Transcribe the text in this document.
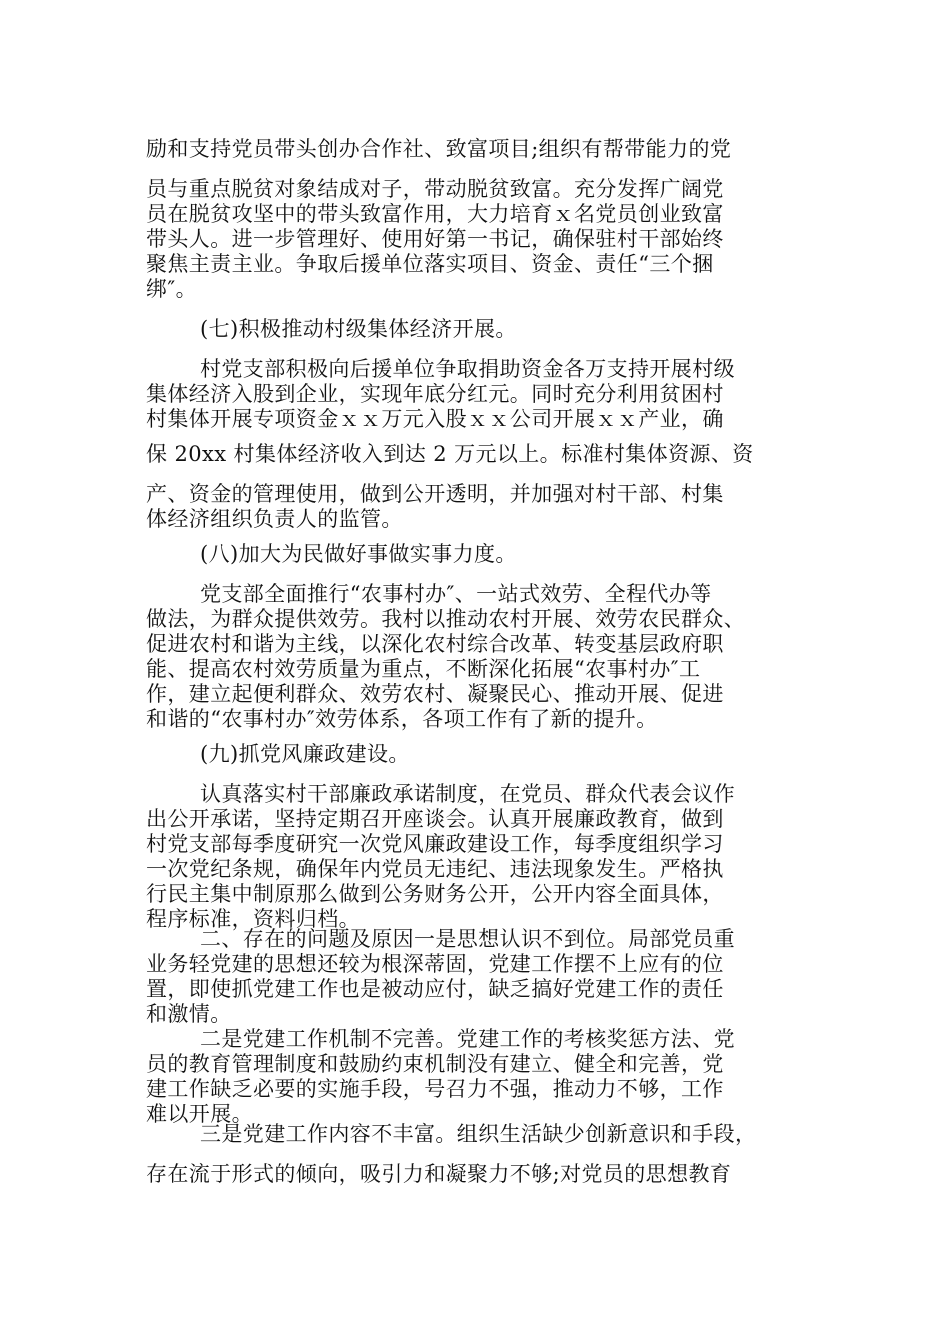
励和支持党员带头创办合作社、致富项目;组织有帮带能力的党

员与重点脱贫对象结成对子，带动脱贫致富。充分发挥广阔党

员在脱贫攻坚中的带头致富作用，大力培育ｘ名党员创业致富

带头人。进一步管理好、使用好第一书记，确保驻村干部始终

聚焦主责主业。争取后援单位落实项目、资金、责任“三个捆

绑″。

(七)积极推动村级集体经济开展。

村党支部积极向后援单位争取捐助资金各万支持开展村级

集体经济入股到企业，实现年底分红元。同时充分利用贫困村

村集体开展专项资金ｘｘ万元入股ｘｘ公司开展ｘｘ产业，确

保 20xx 村集体经济收入到达 2 万元以上。标准村集体资源、资

产、资金的管理使用，做到公开透明，并加强对村干部、村集

体经济组织负责人的监管。

(八)加大为民做好事做实事力度。

党支部全面推行“农事村办″、一站式效劳、全程代办等

做法，为群众提供效劳。我村以推动农村开展、效劳农民群众、

促进农村和谐为主线，以深化农村综合改革、转变基层政府职

能、提高农村效劳质量为重点，不断深化拓展“农事村办″工

作，建立起便利群众、效劳农村、凝聚民心、推动开展、促进

和谐的“农事村办″效劳体系，各项工作有了新的提升。

(九)抓党风廉政建设。

认真落实村干部廉政承诺制度，在党员、群众代表会议作

出公开承诺，坚持定期召开座谈会。认真开展廉政教育，做到

村党支部每季度研究一次党风廉政建设工作，每季度组织学习

一次党纪条规，确保年内党员无违纪、违法现象发生。严格执

行民主集中制原那么做到公务财务公开，公开内容全面具体，

程序标准，资料归档。

二、存在的问题及原因一是思想认识不到位。局部党员重

业务轻党建的思想还较为根深蒂固，党建工作摆不上应有的位

置，即使抓党建工作也是被动应付，缺乏搞好党建工作的责任

和激情。

二是党建工作机制不完善。党建工作的考核奖惩方法、党

员的教育管理制度和鼓励约束机制没有建立、健全和完善，党

建工作缺乏必要的实施手段，号召力不强，推动力不够，工作

难以开展。

三是党建工作内容不丰富。组织生活缺少创新意识和手段，

存在流于形式的倾向，吸引力和凝聚力不够;对党员的思想教育
